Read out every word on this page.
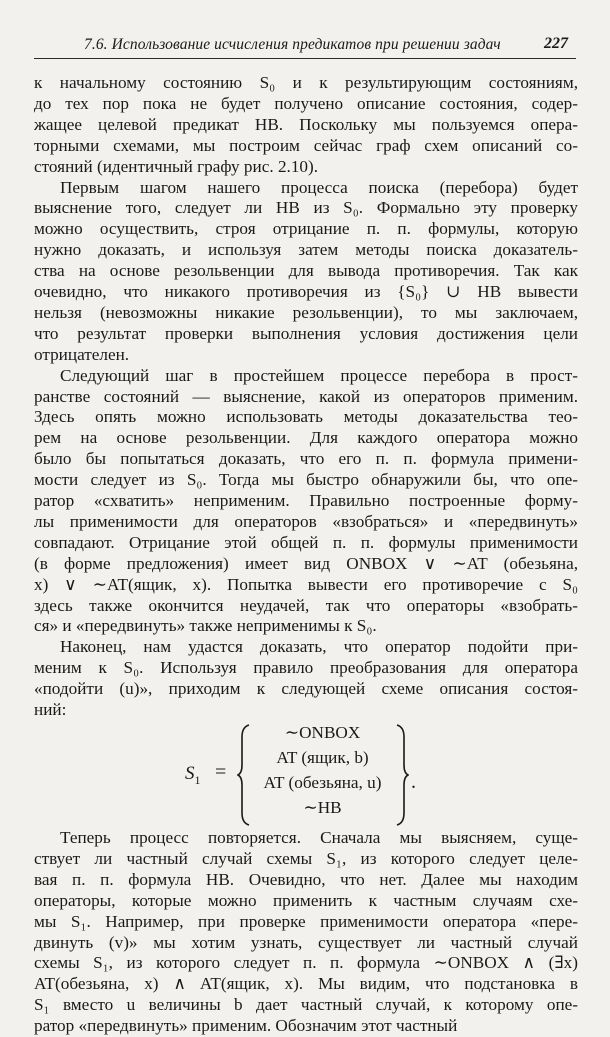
7.6. Использование исчисления предикатов при решении задач	227
к начальному состоянию S₀ и к результирующим состояниям,
до тех пор пока не будет получено описание состояния, содер-
жащее целевой предикат HB. Поскольку мы пользуемся опера-
торными схемами, мы построим сейчас граф схем описаний со-
стояний (идентичный графу рис. 2.10).
Первым шагом нашего процесса поиска (перебора) будет
выяснение того, следует ли HB из S₀. Формально эту проверку
можно осуществить, строя отрицание п. п. формулы, которую
нужно доказать, и используя затем методы поиска доказатель-
ства на основе резольвенции для вывода противоречия. Так как
очевидно, что никакого противоречия из {S₀} ∪ HB вывести
нельзя (невозможны никакие резольвенции), то мы заключаем,
что результат проверки выполнения условия достижения цели
отрицателен.
Следующий шаг в простейшем процессе перебора в прост-
ранстве состояний — выяснение, какой из операторов применим.
Здесь опять можно использовать методы доказательства тео-
рем на основе резольвенции. Для каждого оператора можно
было бы попытаться доказать, что его п. п. формула примени-
мости следует из S₀. Тогда мы быстро обнаружили бы, что опе-
ратор «схватить» неприменим. Правильно построенные форму-
лы применимости для операторов «взобраться» и «передвинуть»
совпадают. Отрицание этой общей п. п. формулы применимости
(в форме предложения) имеет вид ONBOX ∨ ∼AT (обезьяна,
x) ∨ ∼AT(ящик, x). Попытка вывести его противоречие с S₀
здесь также окончится неудачей, так что операторы «взобрать-
ся» и «передвинуть» также неприменимы к S₀.
Наконец, нам удастся доказать, что оператор подойти при-
меним к S₀. Используя правило преобразования для оператора
«подойти (u)», приходим к следующей схеме описания состоя-
ний:
$S_1$ =
∼ONBOX
AT (ящик, b)
AT (обезьяна, u)
∼HB
.
Теперь процесс повторяется. Сначала мы выясняем, суще-
ствует ли частный случай схемы S₁, из которого следует целе-
вая п. п. формула HB. Очевидно, что нет. Далее мы находим
операторы, которые можно применить к частным случаям схе-
мы S₁. Например, при проверке применимости оператора «пере-
двинуть (v)» мы хотим узнать, существует ли частный случай
схемы S₁, из которого следует п. п. формула ∼ONBOX ∧ (∃x)
AT(обезьяна, x) ∧ AT(ящик, x). Мы видим, что подстановка в
S₁ вместо u величины b дает частный случай, к которому опе-
ратор «передвинуть» применим. Обозначим этот частный
